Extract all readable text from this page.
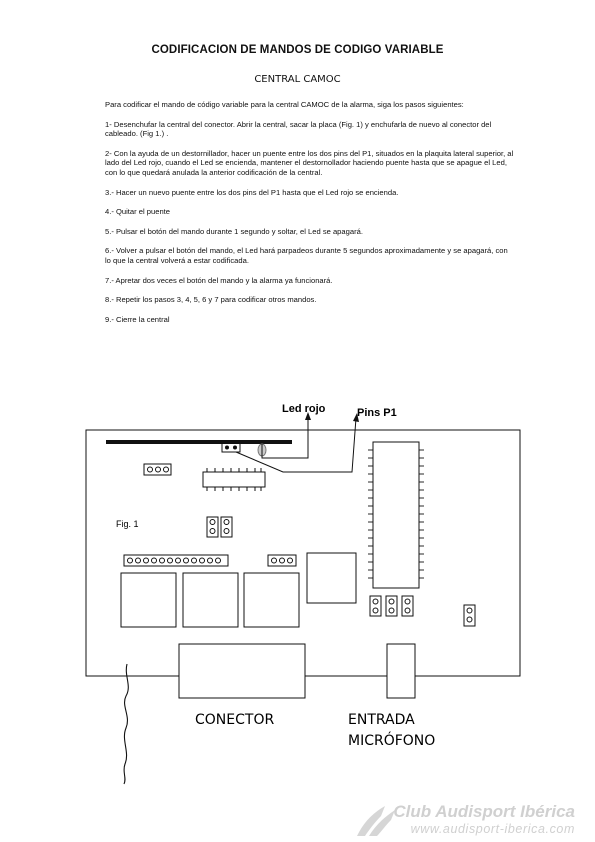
CODIFICACION DE MANDOS DE CODIGO VARIABLE
CENTRAL CAMOC

Para codificar el mando de código variable para la central CAMOC de la alarma, siga los pasos siguientes:

1- Desenchufar la central del conector. Abrir la central, sacar la placa (Fig. 1) y enchufarla de nuevo al conector del cableado. (Fig 1.) .

2- Con la ayuda de un destornillador, hacer un puente entre los dos pins del P1, situados en la plaquita lateral superior, al lado del Led rojo, cuando el Led se encienda, mantener el destornollador haciendo puente hasta que se apague el Led, con lo que quedará anulada la anterior codificación de la central.

3.- Hacer un nuevo puente entre los dos pins del P1 hasta que el Led rojo se encienda.

4.- Quitar el puente

5.- Pulsar el botón del mando durante 1 segundo y soltar, el Led se apagará.

6.- Volver a pulsar el botón del mando, el Led hará parpadeos durante 5 segundos aproximadamente y se apagará, con lo que la central volverá a estar codificada.

7.- Apretar dos veces el botón del mando y la alarma ya funcionará.

8.- Repetir los pasos 3, 4, 5, 6 y 7 para codificar otros mandos.

9.- Cierre la central

Led rojo	Pins P1
Fig. 1
CONECTOR	ENTRADA
MICRÓFONO
Club Audisport Ibérica
www.audisport-iberica.com
